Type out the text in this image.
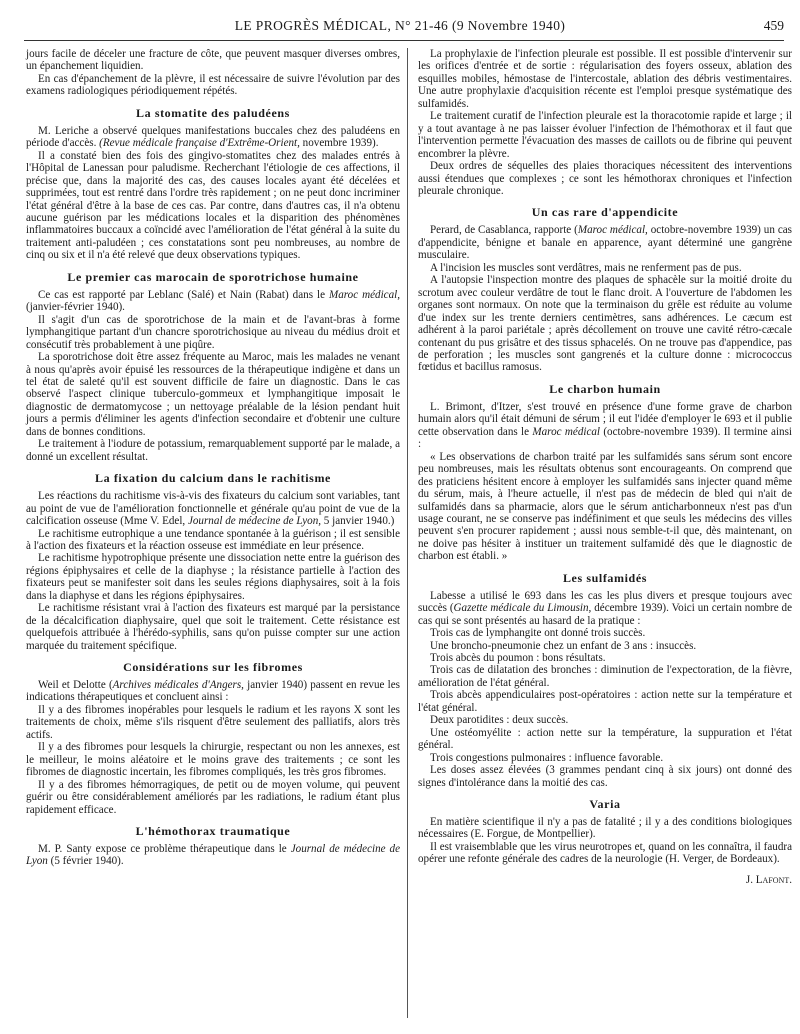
LE PROGRÈS MÉDICAL, N° 21-46 (9 Novembre 1940)	459

jours facile de déceler une fracture de côte, que peuvent masquer diverses ombres, un épanchement liquidien.

En cas d'épanchement de la plèvre, il est nécessaire de suivre l'évolution par des examens radiologiques périodiquement répétés.

La stomatite des paludéens

M. Leriche a observé quelques manifestations buccales chez des paludéens en période d'accès. (Revue médicale française d'Extrême-Orient, novembre 1939).

Il a constaté bien des fois des gingivo-stomatites chez des malades entrés à l'Hôpital de Lanessan pour paludisme. Recherchant l'étiologie de ces affections, il précise que, dans la majorité des cas, des causes locales ayant été décelées et supprimées, tout est rentré dans l'ordre très rapidement ; on ne peut donc incriminer l'état général d'être à la base de ces cas. Par contre, dans d'autres cas, il n'a obtenu aucune guérison par les médications locales et la disparition des phénomènes inflammatoires buccaux a coïncidé avec l'amélioration de l'état général à la suite du traitement anti-paludéen ; ces constatations sont peu nombreuses, au nombre de cinq ou six et il n'a été relevé que deux observations typiques.

Le premier cas marocain de sporotrichose humaine

Ce cas est rapporté par Leblanc (Salé) et Nain (Rabat) dans le Maroc médical, (janvier-février 1940).

Il s'agit d'un cas de sporotrichose de la main et de l'avant-bras à forme lymphangitique partant d'un chancre sporotrichosique au niveau du médius droit et consécutif très probablement à une piqûre.

La sporotrichose doit être assez fréquente au Maroc, mais les malades ne venant à nous qu'après avoir épuisé les ressources de la thérapeutique indigène et dans un tel état de saleté qu'il est souvent difficile de faire un diagnostic. Dans le cas observé l'aspect clinique tuberculo-gommeux et lymphangitique imposait le diagnostic de dermatomycose ; un nettoyage préalable de la lésion pendant huit jours a permis d'éliminer les agents d'infection secondaire et d'obtenir une culture dans de bonnes conditions.

Le traitement à l'iodure de potassium, remarquablement supporté par le malade, a donné un excellent résultat.

La fixation du calcium dans le rachitisme

Les réactions du rachitisme vis-à-vis des fixateurs du calcium sont variables, tant au point de vue de l'amélioration fonctionnelle et générale qu'au point de vue de la calcification osseuse (Mme V. Edel, Journal de médecine de Lyon, 5 janvier 1940.)

Le rachitisme eutrophique a une tendance spontanée à la guérison ; il est sensible à l'action des fixateurs et la réaction osseuse est immédiate en leur présence.

Le rachitisme hypotrophique présente une dissociation nette entre la guérison des régions épiphysaires et celle de la diaphyse ; la résistance partielle à l'action des fixateurs peut se manifester soit dans les seules régions diaphysaires, soit à la fois dans la diaphyse et dans les régions épiphysaires.

Le rachitisme résistant vrai à l'action des fixateurs est marqué par la persistance de la décalcification diaphysaire, quel que soit le traitement. Cette résistance est quelquefois attribuée à l'hérédo-syphilis, sans qu'on puisse compter sur une action marquée du traitement spécifique.

Considérations sur les fibromes

Weil et Delotte (Archives médicales d'Angers, janvier 1940) passent en revue les indications thérapeutiques et concluent ainsi :

Il y a des fibromes inopérables pour lesquels le radium et les rayons X sont les traitements de choix, même s'ils risquent d'être seulement des palliatifs, alors très actifs.

Il y a des fibromes pour lesquels la chirurgie, respectant ou non les annexes, est le meilleur, le moins aléatoire et le moins grave des traitements ; ce sont les fibromes de diagnostic incertain, les fibromes compliqués, les très gros fibromes.

Il y a des fibromes hémorragiques, de petit ou de moyen volume, qui peuvent guérir ou être considérablement améliorés par les radiations, le radium étant plus rapidement efficace.

L'hémothorax traumatique

M. P. Santy expose ce problème thérapeutique dans le Journal de médecine de Lyon (5 février 1940).

La prophylaxie de l'infection pleurale est possible. Il est possible d'intervenir sur les orifices d'entrée et de sortie : régularisation des foyers osseux, ablation des esquilles mobiles, hémostase de l'intercostale, ablation des débris vestimentaires. Une autre prophylaxie d'acquisition récente est l'emploi presque systématique des sulfamidés.

Le traitement curatif de l'infection pleurale est la thoracotomie rapide et large ; il y a tout avantage à ne pas laisser évoluer l'infection de l'hémothorax et il faut que l'intervention permette l'évacuation des masses de caillots ou de fibrine qui peuvent encombrer la plèvre.

Deux ordres de séquelles des plaies thoraciques nécessitent des interventions aussi étendues que complexes ; ce sont les hémothorax chroniques et l'infection pleurale chronique.

Un cas rare d'appendicite

Perard, de Casablanca, rapporte (Maroc médical, octobre-novembre 1939) un cas d'appendicite, bénigne et banale en apparence, ayant déterminé une gangrène musculaire.

A l'incision les muscles sont verdâtres, mais ne renferment pas de pus.

A l'autopsie l'inspection montre des plaques de sphacèle sur la moitié droite du scrotum avec couleur verdâtre de tout le flanc droit. A l'ouverture de l'abdomen les organes sont normaux. On note que la terminaison du grêle est réduite au volume d'ue index sur les trente derniers centimètres, sans adhérences. Le cæcum est adhérent à la paroi pariétale ; après décollement on trouve une cavité rétro-cæcale contenant du pus grisâtre et des tissus sphacelés. On ne trouve pas d'appendice, pas de perforation ; les muscles sont gangrenés et la culture donne : micrococcus fœtidus et bacillus ramosus.

Le charbon humain

L. Brimont, d'Itzer, s'est trouvé en présence d'une forme grave de charbon humain alors qu'il était démuni de sérum ; il eut l'idée d'employer le 693 et il publie cette observation dans le Maroc médical (octobre-novembre 1939). Il termine ainsi :

« Les observations de charbon traité par les sulfamidés sans sérum sont encore peu nombreuses, mais les résultats obtenus sont encourageants. On comprend que des praticiens hésitent encore à employer les sulfamidés sans injecter quand même du sérum, mais, à l'heure actuelle, il n'est pas de médecin de bled qui n'ait de sulfamidés dans sa pharmacie, alors que le sérum anticharbonneux n'est pas d'un usage courant, ne se conserve pas indéfiniment et que seuls les médecins des villes peuvent s'en procurer rapidement ; aussi nous semble-t-il que, dès maintenant, on ne doive pas hésiter à instituer un traitement sulfamidé dès que le diagnostic de charbon est établi. »

Les sulfamidés

Labesse a utilisé le 693 dans les cas les plus divers et presque toujours avec succès (Gazette médicale du Limousin, décembre 1939). Voici un certain nombre de cas qui se sont présentés au hasard de la pratique :

Trois cas de lymphangite ont donné trois succès.

Une broncho-pneumonie chez un enfant de 3 ans : insuccès.

Trois abcès du poumon : bons résultats.

Trois cas de dilatation des bronches : diminution de l'expectoration, de la fièvre, amélioration de l'état général.

Trois abcès appendiculaires post-opératoires : action nette sur la température et l'état général.

Deux parotidites : deux succès.

Une ostéomyélite : action nette sur la température, la suppuration et l'état général.

Trois congestions pulmonaires : influence favorable.

Les doses assez élevées (3 grammes pendant cinq à six jours) ont donné des signes d'intolérance dans la moitié des cas.

Varia

En matière scientifique il n'y a pas de fatalité ; il y a des conditions biologiques nécessaires (E. Forgue, de Montpellier).

Il est vraisemblable que les virus neurotropes et, quand on les connaîtra, il faudra opérer une refonte générale des cadres de la neurologie (H. Verger, de Bordeaux).

J. Lafont.
